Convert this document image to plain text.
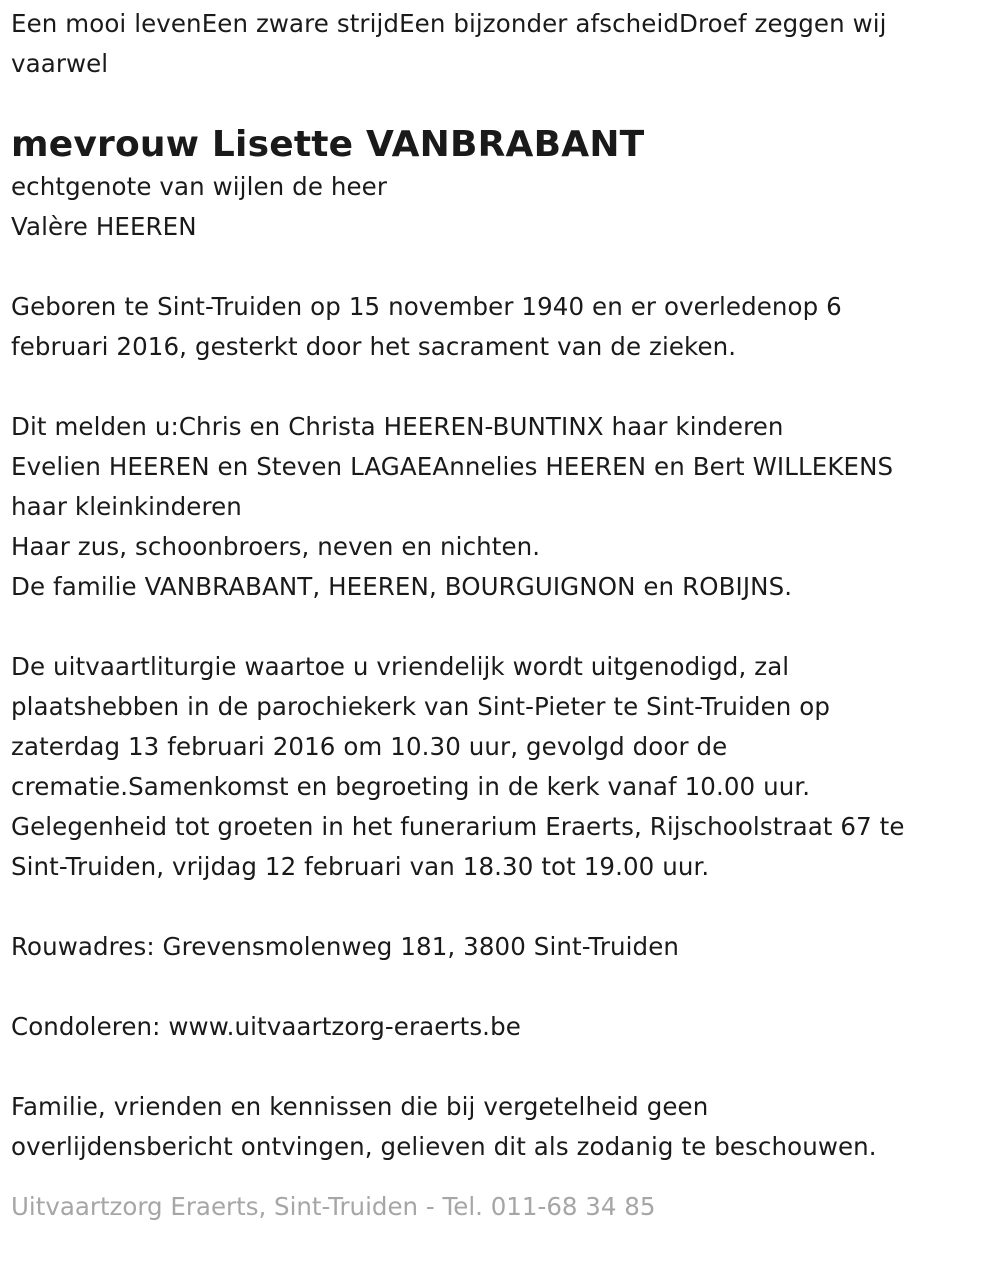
Een mooi levenEen zware strijdEen bijzonder afscheidDroef zeggen wij
vaarwel
mevrouw Lisette VANBRABANT
echtgenote van wijlen de heer
Valère HEEREN
Geboren te Sint-Truiden op 15 november 1940 en er overledenop 6
februari 2016, gesterkt door het sacrament van de zieken.
Dit melden u:Chris en Christa HEEREN-BUNTINX haar kinderen
Evelien HEEREN en Steven LAGAEAnnelies HEEREN en Bert WILLEKENS
haar kleinkinderen
Haar zus, schoonbroers, neven en nichten.
De familie VANBRABANT, HEEREN, BOURGUIGNON en ROBIJNS.
De uitvaartliturgie waartoe u vriendelijk wordt uitgenodigd, zal
plaatshebben in de parochiekerk van Sint-Pieter te Sint-Truiden op
zaterdag 13 februari 2016 om 10.30 uur, gevolgd door de
crematie.Samenkomst en begroeting in de kerk vanaf 10.00 uur.
Gelegenheid tot groeten in het funerarium Eraerts, Rijschoolstraat 67 te
Sint-Truiden, vrijdag 12 februari van 18.30 tot 19.00 uur.
Rouwadres: Grevensmolenweg 181, 3800 Sint-Truiden
Condoleren: www.uitvaartzorg-eraerts.be
Familie, vrienden en kennissen die bij vergetelheid geen
overlijdensbericht ontvingen, gelieven dit als zodanig te beschouwen.
Uitvaartzorg Eraerts, Sint-Truiden - Tel. 011-68 34 85
